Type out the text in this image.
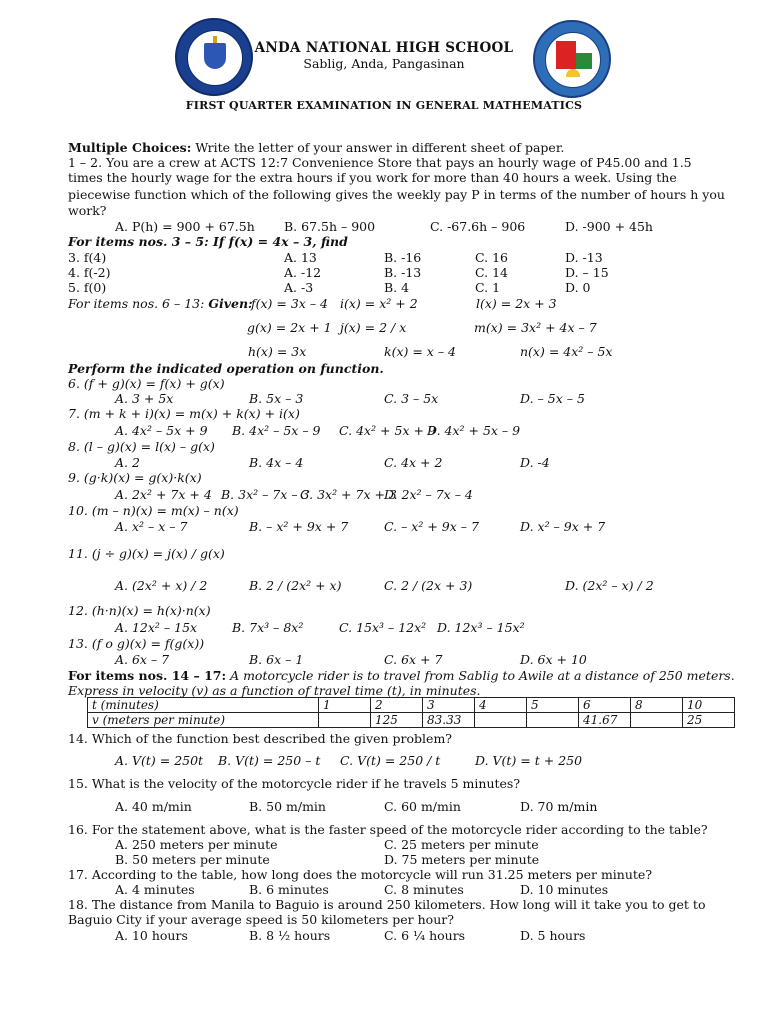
ANDA NATIONAL HIGH SCHOOL
Sablig, Anda, Pangasinan
FIRST QUARTER EXAMINATION IN GENERAL MATHEMATICS
Multiple Choices: Write the letter of your answer in different sheet of paper.
1 – 2. You are a crew at ACTS 12:7 Convenience Store that pays an hourly wage of P45.00 and 1.5
times the hourly wage for the extra hours if you work for more than 40 hours a week. Using the
piecewise function which of the following gives the weekly pay P in terms of the number of hours h you
work?
A. P(h) = 900 + 67.5h B. 67.5h – 900	C. -67.6h – 906	D. -900 + 45h
For items nos. 3 – 5: If f(x) = 4x – 3, find
3. f(4)	A. 13	B. -16	C. 16	D. -13
4. f(-2)	A. -12	B. -13	C. 14	D. – 15
5. f(0)	A. -3	B. 4	C. 1	D. 0
For items nos. 6 – 13: Given:
f(x) = 3x – 4 i(x) = x² + 2	l(x) = 2x + 3
g(x) = 2x + 1 j(x) = 2 / x	m(x) = 3x² + 4x – 7
h(x) = 3x	k(x) = x – 4	n(x) = 4x² – 5x
Perform the indicated operation on function.
6. (f + g)(x) = f(x) + g(x)
A. 3 + 5x	B. 5x – 3	C. 3 – 5x	D. – 5x – 5
7. (m + k + i)(x) = m(x) + k(x) + i(x)
A. 4x² – 5x + 9 B. 4x² – 5x – 9 C. 4x² + 5x + 9
D. 4x² + 5x – 9
8. (l – g)(x) = l(x) – g(x)
A. 2	B. 4x – 4	C. 4x + 2	D. -4
9. (g·k)(x) = g(x)·k(x)
A. 2x² + 7x + 4 B. 3x² – 7x – 3
C. 3x² + 7x + 3
D. 2x² – 7x – 4
10. (m – n)(x) = m(x) – n(x)
A. x² – x – 7	B. – x² + 9x + 7	C. – x² + 9x – 7	D. x² – 9x + 7
11. (j ÷ g)(x) = j(x) / g(x)
A. (2x² + x) / 2	B. 2 / (2x² + x)	C. 2 / (2x + 3)	D. (2x² – x) / 2
12. (h·n)(x) = h(x)·n(x)
A. 12x² – 15x	B. 7x³ – 8x²	C. 15x³ – 12x² D. 12x³ – 15x²
13. (f o g)(x) = f(g(x))
A. 6x – 7	B. 6x – 1	C. 6x + 7	D. 6x + 10
For items nos. 14 – 17: A motorcycle rider is to travel from Sablig to Awile at a distance of 250 meters.
Express in velocity (v) as a function of travel time (t), in minutes.
t (minutes)	1	2	3	4	5	6	8	10
v (meters per minute)		125	83.33			41.67		25
14. Which of the function best described the given problem?
A. V(t) = 250t B. V(t) = 250 – t C. V(t) = 250 / t	D. V(t) = t + 250
15. What is the velocity of the motorcycle rider if he travels 5 minutes?
A. 40 m/min	B. 50 m/min	C. 60 m/min	D. 70 m/min
16. For the statement above, what is the faster speed of the motorcycle rider according to the table?
A. 250 meters per minute	C. 25 meters per minute
B. 50 meters per minute	D. 75 meters per minute
17. According to the table, how long does the motorcycle will run 31.25 meters per minute?
A. 4 minutes	B. 6 minutes	C. 8 minutes	D. 10 minutes
18. The distance from Manila to Baguio is around 250 kilometers. How long will it take you to get to
Baguio City if your average speed is 50 kilometers per hour?
A. 10 hours	B. 8 ½ hours	C. 6 ¼ hours	D. 5 hours
